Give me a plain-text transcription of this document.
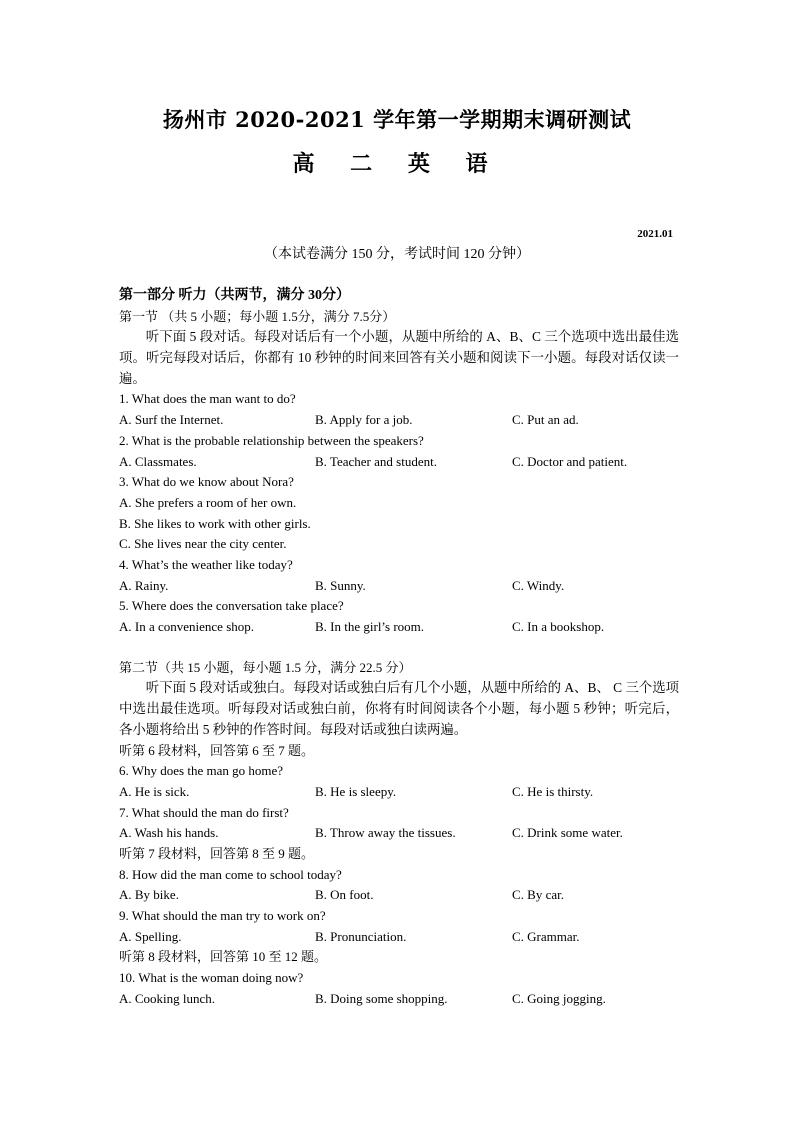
扬州市 2020-2021 学年第一学期期末调研测试
高 二 英 语
2021.01
（本试卷满分 150 分，考试时间 120 分钟）
第一部分 听力（共两节，满分 30分）
第一节 （共 5 小题；每小题 1.5分，满分 7.5分）
听下面 5 段对话。每段对话后有一个小题，从题中所给的 A、B、C 三个选项中选出最佳选项。听完每段对话后，你都有 10 秒钟的时间来回答有关小题和阅读下一小题。每段对话仅读一遍。
1. What does the man want to do?
A. Surf the Internet.	B. Apply for a job.	C. Put an ad.
2. What is the probable relationship between the speakers?
A. Classmates.	B. Teacher and student.	C. Doctor and patient.
3. What do we know about Nora?
A. She prefers a room of her own.
B. She likes to work with other girls.
C. She lives near the city center.
4. What’s the weather like today?
A. Rainy.	B. Sunny.	C. Windy.
5. Where does the conversation take place?
A. In a convenience shop.	B. In the girl’s room.	C. In a bookshop.
第二节（共 15 小题，每小题 1.5 分，满分 22.5 分）
听下面 5 段对话或独白。每段对话或独白后有几个小题，从题中所给的 A、B、 C 三个选项中选出最佳选项。听每段对话或独白前，你将有时间阅读各个小题，每小题 5 秒钟；听完后，各小题将给出 5 秒钟的作答时间。每段对话或独白读两遍。
听第 6 段材料，回答第 6 至 7 题。
6. Why does the man go home?
A. He is sick.	B. He is sleepy.	C. He is thirsty.
7. What should the man do first?
A. Wash his hands.	B. Throw away the tissues.	C. Drink some water.
听第 7 段材料，回答第 8 至 9 题。
8. How did the man come to school today?
A. By bike.	B. On foot.	C. By car.
9. What should the man try to work on?
A. Spelling.	B. Pronunciation.	C. Grammar.
听第 8 段材料，回答第 10 至 12 题。
10. What is the woman doing now?
A. Cooking lunch.	B. Doing some shopping.	C. Going jogging.
